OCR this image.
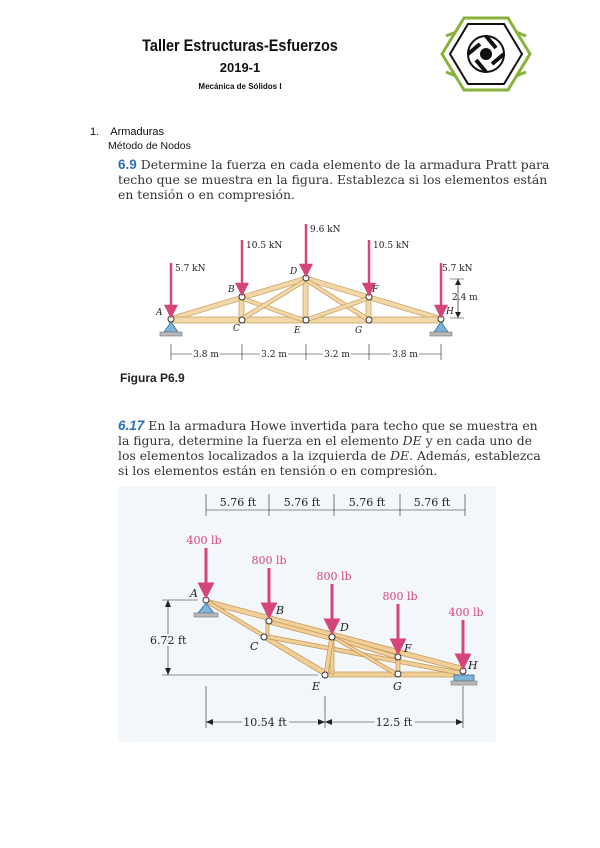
Taller Estructuras-Esfuerzos
2019-1
Mecánica de Sólidos I
1. Armaduras
Método de Nodos
6.9 Determine la fuerza en cada elemento de la armadura Pratt para techo que se muestra en la figura. Establezca si los elementos están en tensión o en compresión.
5.7 kN
10.5 kN
9.6 kN
10.5 kN
5.7 kN
A
B
C
D
E
F
G
H
2.4 m
3.8 m	3.2 m	3.2 m	3.8 m
Figura P6.9
6.17 En la armadura Howe invertida para techo que se muestra en la figura, determine la fuerza en el elemento DE y en cada uno de los elementos localizados a la izquierda de DE. Además, establezca si los elementos están en tensión o en compresión.
5.76 ft	5.76 ft	5.76 ft	5.76 ft
400 lb
800 lb
800 lb
800 lb
400 lb
A
B
C
D
E
F
G
H
6.72 ft
10.54 ft	12.5 ft
